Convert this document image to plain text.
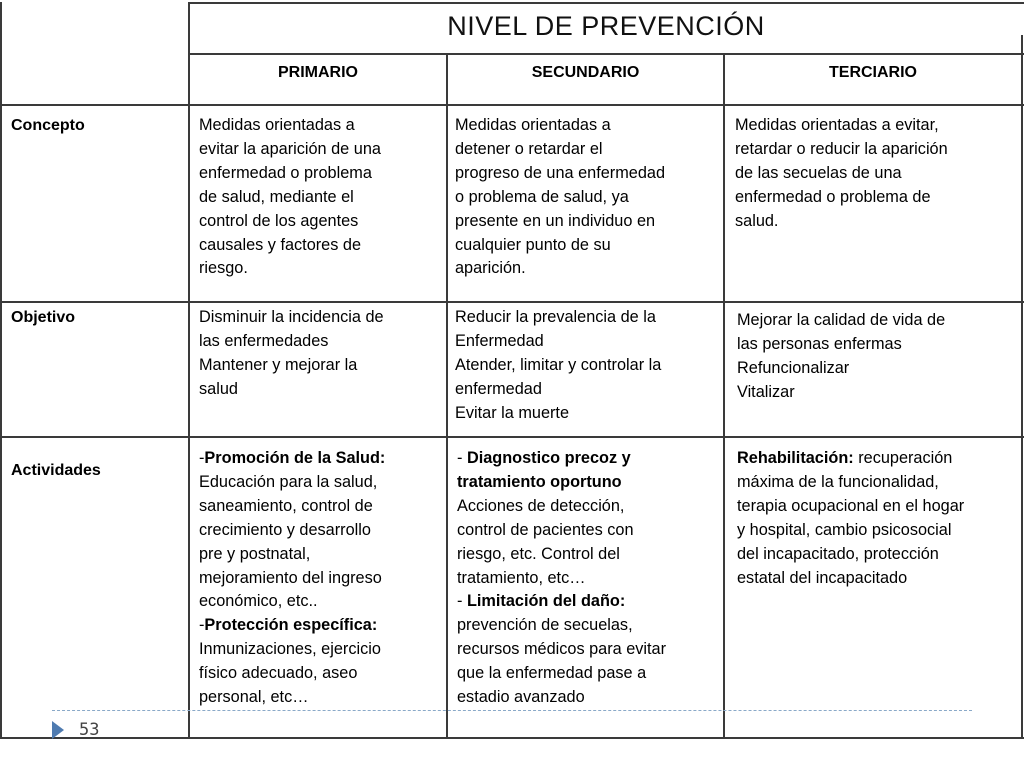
NIVEL DE PREVENCIÓN
PRIMARIO	SECUNDARIO	TERCIARIO
Concepto
Objetivo
Actividades
Medidas orientadas a
evitar la aparición de una
enfermedad o problema
de salud, mediante el
control de los agentes
causales y factores de
riesgo.
Medidas orientadas a
detener o retardar el
progreso de una enfermedad
o problema de salud, ya
presente en un individuo en
cualquier punto de su
aparición.
Medidas orientadas a evitar,
retardar o reducir la aparición
de las secuelas de una
enfermedad o problema de
salud.
Disminuir la incidencia de
las enfermedades
Mantener y mejorar la
salud
Reducir la prevalencia de la
Enfermedad
Atender, limitar y controlar la
enfermedad
Evitar la muerte
Mejorar la calidad de vida de
las personas enfermas
Refuncionalizar
Vitalizar
-Promoción de la Salud:
Educación para la salud,
saneamiento, control de
crecimiento y desarrollo
pre y postnatal,
mejoramiento del ingreso
económico, etc..
-Protección específica:
Inmunizaciones, ejercicio
físico adecuado, aseo
personal, etc…
- Diagnostico precoz y
tratamiento oportuno
Acciones de detección,
control de pacientes con
riesgo, etc. Control del
tratamiento, etc…
- Limitación del daño:
prevención de secuelas,
recursos médicos para evitar
que la enfermedad pase a
estadio avanzado
Rehabilitación: recuperación
máxima de la funcionalidad,
terapia ocupacional en el hogar
y hospital, cambio psicosocial
del incapacitado, protección
estatal del incapacitado
53
